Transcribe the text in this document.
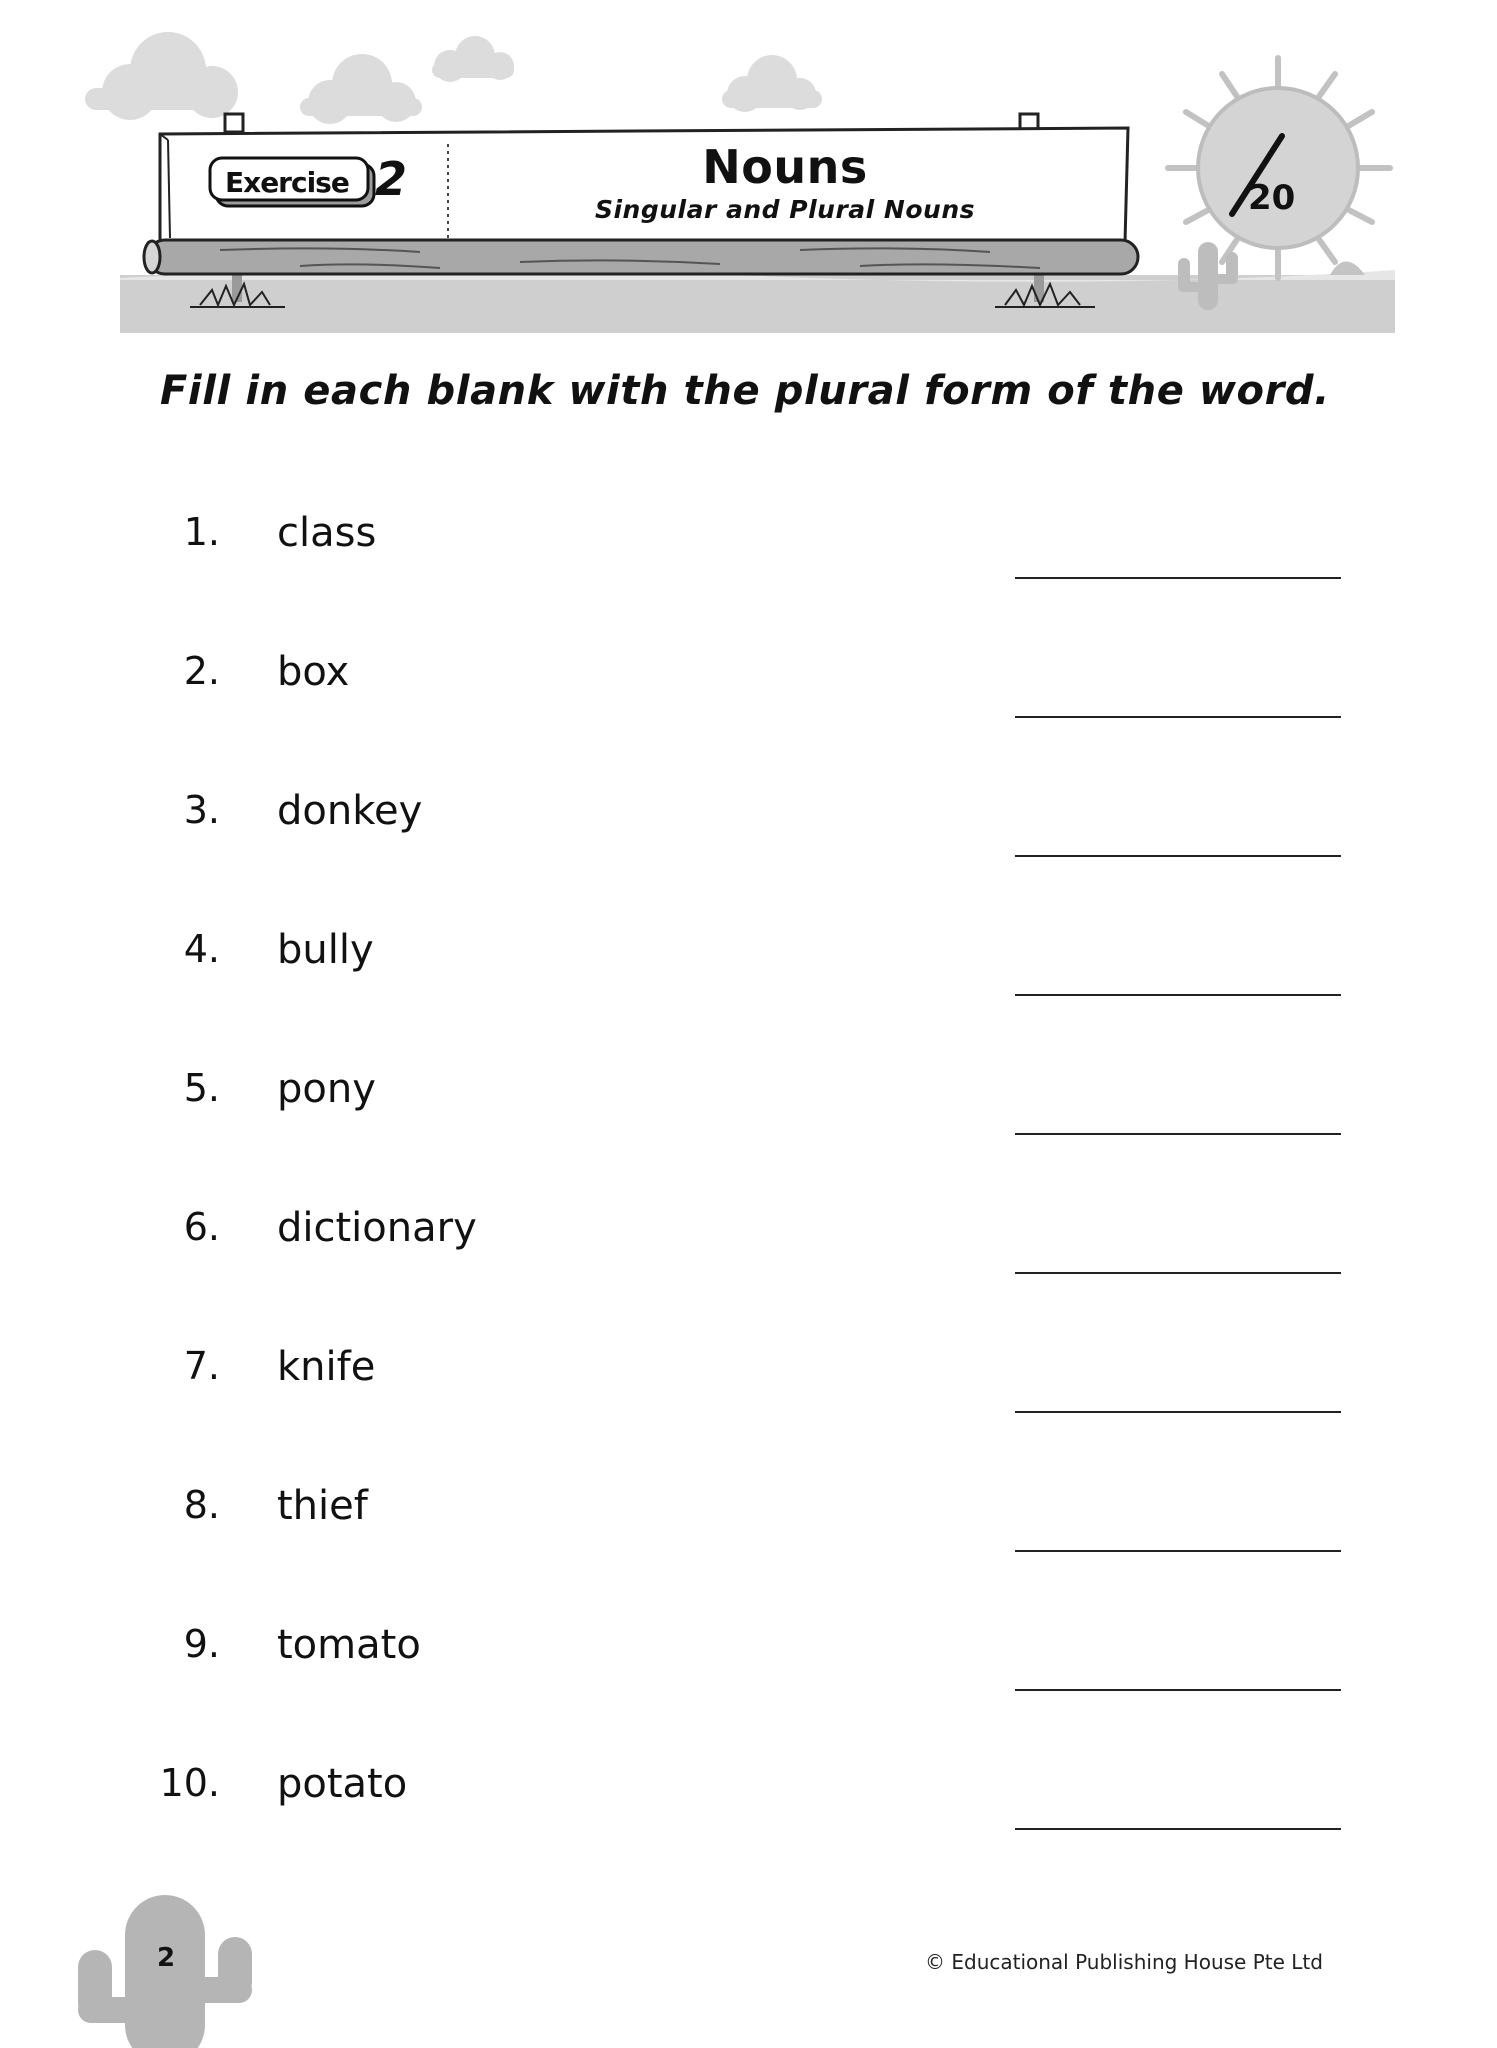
Exercise 2	Nouns
Singular and Plural Nouns	20
Fill in each blank with the plural form of the word.
1. class
2. box
3. donkey
4. bully
5. pony
6. dictionary
7. knife
8. thief
9. tomato
10. potato
2	© Educational Publishing House Pte Ltd
